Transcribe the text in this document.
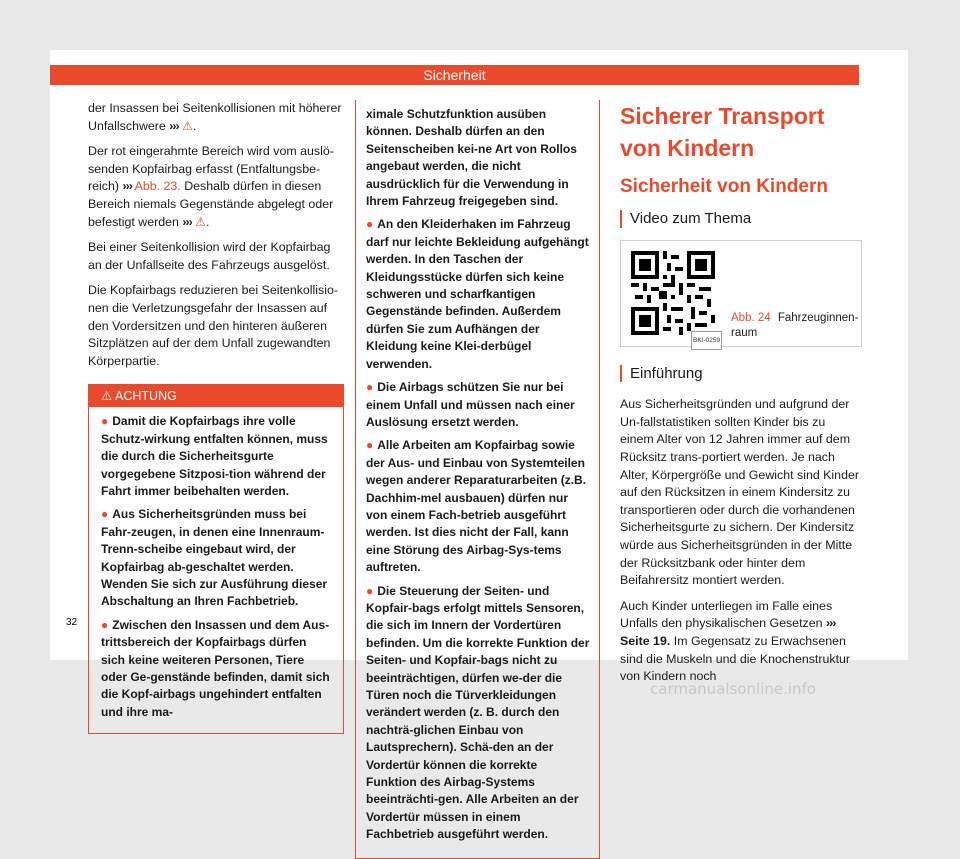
Sicherheit

der Insassen bei Seitenkollisionen mit höherer Unfallschwere ››› ⚠.

Der rot eingerahmte Bereich wird vom auslö-senden Kopfairbag erfasst (Entfaltungsbe-reich) ››› Abb. 23. Deshalb dürfen in diesen Bereich niemals Gegenstände abgelegt oder befestigt werden ››› ⚠.

Bei einer Seitenkollision wird der Kopfairbag an der Unfallseite des Fahrzeugs ausgelöst.

Die Kopfairbags reduzieren bei Seitenkollisio-nen die Verletzungsgefahr der Insassen auf den Vordersitzen und den hinteren äußeren Sitzplätzen auf der dem Unfall zugewandten Körperpartie.

⚠ ACHTUNG
● Damit die Kopfairbags ihre volle Schutz-wirkung entfalten können, muss die durch die Sicherheitsgurte vorgegebene Sitzposi-tion während der Fahrt immer beibehalten werden.
● Aus Sicherheitsgründen muss bei Fahr-zeugen, in denen eine Innenraum-Trenn-scheibe eingebaut wird, der Kopfairbag ab-geschaltet werden. Wenden Sie sich zur Ausführung dieser Abschaltung an Ihren Fachbetrieb.
● Zwischen den Insassen und dem Aus-trittsbereich der Kopfairbags dürfen sich keine weiteren Personen, Tiere oder Ge-genstände befinden, damit sich die Kopf-airbags ungehindert entfalten und ihre ma-
ximale Schutzfunktion ausüben können. Deshalb dürfen an den Seitenscheiben kei-ne Art von Rollos angebaut werden, die nicht ausdrücklich für die Verwendung in Ihrem Fahrzeug freigegeben sind.
● An den Kleiderhaken im Fahrzeug darf nur leichte Bekleidung aufgehängt werden. In den Taschen der Kleidungsstücke dürfen sich keine schweren und scharfkantigen Gegenstände befinden. Außerdem dürfen Sie zum Aufhängen der Kleidung keine Klei-derbügel verwenden.
● Die Airbags schützen Sie nur bei einem Unfall und müssen nach einer Auslösung ersetzt werden.
● Alle Arbeiten am Kopfairbag sowie der Aus- und Einbau von Systemteilen wegen anderer Reparaturarbeiten (z.B. Dachhim-mel ausbauen) dürfen nur von einem Fach-betrieb ausgeführt werden. Ist dies nicht der Fall, kann eine Störung des Airbag-Sys-tems auftreten.
● Die Steuerung der Seiten- und Kopfair-bags erfolgt mittels Sensoren, die sich im Innern der Vordertüren befinden. Um die korrekte Funktion der Seiten- und Kopfair-bags nicht zu beeinträchtigen, dürfen we-der die Türen noch die Türverkleidungen verändert werden (z. B. durch den nachträ-glichen Einbau von Lautsprechern). Schä-den an der Vordertür können die korrekte Funktion des Airbag-Systems beeinträchti-gen. Alle Arbeiten an der Vordertür müssen in einem Fachbetrieb ausgeführt werden.
Sicherer Transport von Kindern
Sicherheit von Kindern
Video zum Thema
BKI-0259
Abb. 24 Fahrzeuginnen-raum
Einführung

Aus Sicherheitsgründen und aufgrund der Un-fallstatistiken sollten Kinder bis zu einem Alter von 12 Jahren immer auf dem Rücksitz trans-portiert werden. Je nach Alter, Körpergröße und Gewicht sind Kinder auf den Rücksitzen in einem Kindersitz zu transportieren oder durch die vorhandenen Sicherheitsgurte zu sichern. Der Kindersitz würde aus Sicherheitsgründen in der Mitte der Rücksitzbank oder hinter dem Beifahrersitz montiert werden.

Auch Kinder unterliegen im Falle eines Unfalls den physikalischen Gesetzen ››› Seite 19. Im Gegensatz zu Erwachsenen sind die Muskeln und die Knochenstruktur von Kindern noch

32
carmanualsonline.info
